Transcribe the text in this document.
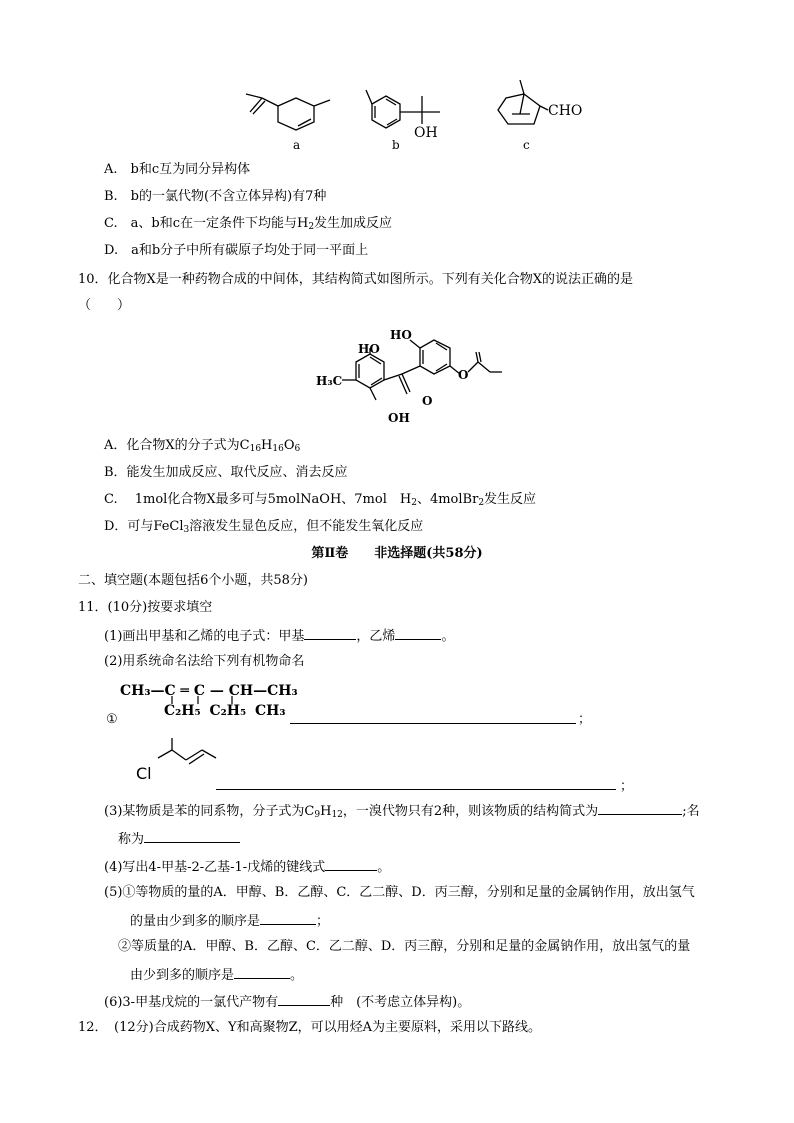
a
OH
b
CHO
c
A.　b和c互为同分异构体
B.　b的一氯代物(不含立体异构)有7种
C.　a、b和c在一定条件下均能与$H_2$发生加成反应
D.　a和b分子中所有碳原子均处于同一平面上
10．化合物X是一种药物合成的中间体，其结构简式如图所示。下列有关化合物X的说法正确的是
（　　）
HO
HO
H₃C	O
O
OH
A．化合物X的分子式为$C_{16}H_{16}O_6$
B．能发生加成反应、取代反应、消去反应
C.　 1mol化合物X最多可与5molNaOH、7mol　$H_2$、4molBr$_2$发生反应
D．可与FeCl$_3$溶液发生显色反应，但不能发生氧化反应
第Ⅱ卷　　非选择题(共58分)
二、填空题(本题包括6个小题，共58分)
11．(10分)按要求填空
(1)画出甲基和乙烯的电子式：甲基	，乙烯	。
(2)用系统命名法给下列有机物命名
CH₃—C ═ C — CH—CH₃
C₂H₅ C₂H₅ CH₃
①	；
Cl
；
(3)某物质是苯的同系物，分子式为$C_9H_{12}$，一溴代物只有2种，则该物质的结构简式为	;名
称为
(4)写出4-甲基-2-乙基-1-戊烯的键线式	。
(5)①等物质的量的A．甲醇、B．乙醇、C．乙二醇、D．丙三醇，分别和足量的金属钠作用，放出氢气
的量由少到多的顺序是	；
②等质量的A．甲醇、B．乙醇、C．乙二醇、D．丙三醇，分别和足量的金属钠作用，放出氢气的量
由少到多的顺序是	。
(6)3-甲基戊烷的一氯代产物有	种　(不考虑立体异构)。
12．　(12分)合成药物X、Y和高聚物Z，可以用烃A为主要原料，采用以下路线。
